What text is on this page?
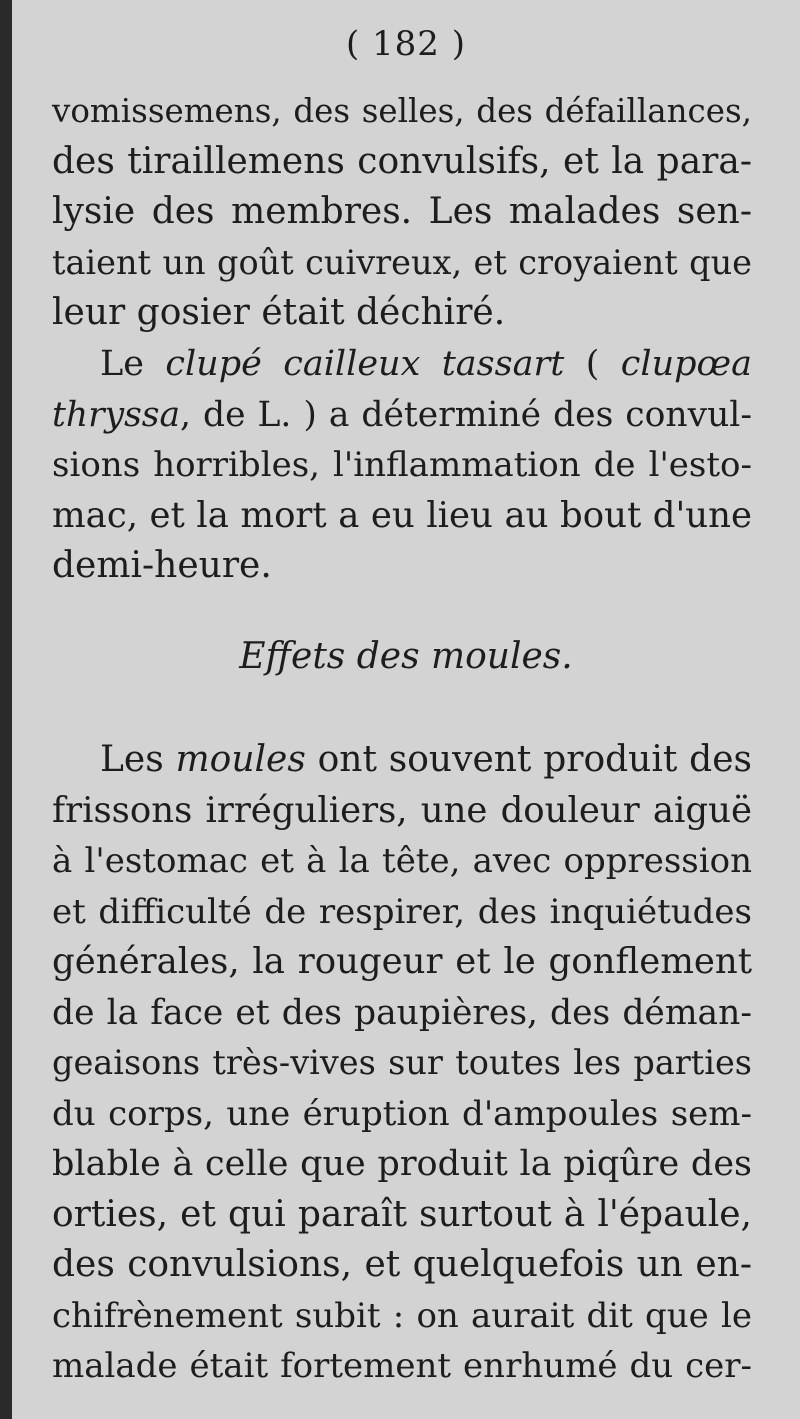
( 182 )
vomissemens, des selles, des défaillances,
des tiraillemens convulsifs, et la para-
lysie des membres. Les malades sen-
taient un goût cuivreux, et croyaient que
leur gosier était déchiré.
Le clupé cailleux tassart ( clupœa
thryssa, de L. ) a déterminé des convul-
sions horribles, l'inflammation de l'esto-
mac, et la mort a eu lieu au bout d'une
demi-heure.
Effets des moules.
Les moules ont souvent produit des
frissons irréguliers, une douleur aiguë
à l'estomac et à la tête, avec oppression
et difficulté de respirer, des inquiétudes
générales, la rougeur et le gonflement
de la face et des paupières, des déman-
geaisons très-vives sur toutes les parties
du corps, une éruption d'ampoules sem-
blable à celle que produit la piqûre des
orties, et qui paraît surtout à l'épaule,
des convulsions, et quelquefois un en-
chifrènement subit : on aurait dit que le
malade était fortement enrhumé du cer-
